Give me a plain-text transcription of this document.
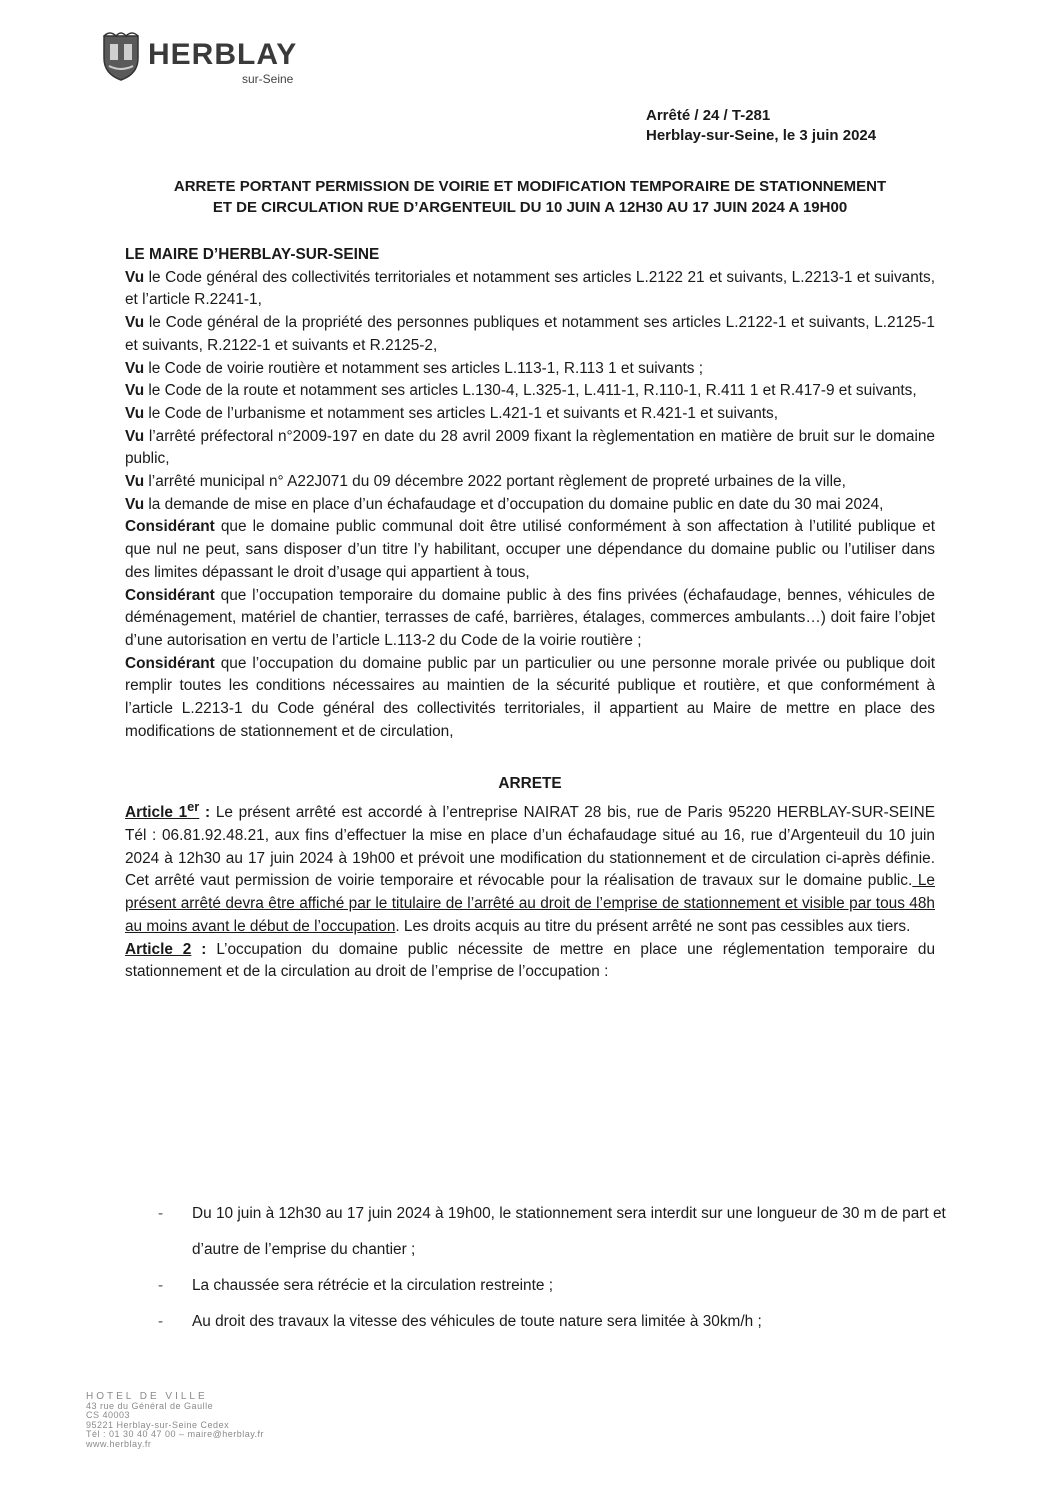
HERBLAY
sur-Seine
Arrêté / 24 / T-281
Herblay-sur-Seine, le 3 juin 2024
ARRETE PORTANT PERMISSION DE VOIRIE ET MODIFICATION TEMPORAIRE DE STATIONNEMENT
ET DE CIRCULATION RUE D’ARGENTEUIL DU 10 JUIN A 12H30 AU 17 JUIN 2024 A 19H00

LE MAIRE D’HERBLAY-SUR-SEINE

Vu le Code général des collectivités territoriales et notamment ses articles L.2122 21 et suivants, L.2213-1 et suivants, et l’article R.2241-1,

Vu le Code général de la propriété des personnes publiques et notamment ses articles L.2122-1 et suivants, L.2125-1 et suivants, R.2122-1 et suivants et R.2125-2,

Vu le Code de voirie routière et notamment ses articles L.113-1, R.113 1 et suivants ;

Vu le Code de la route et notamment ses articles L.130-4, L.325-1, L.411-1, R.110-1, R.411 1 et R.417-9 et suivants,

Vu le Code de l’urbanisme et notamment ses articles L.421-1 et suivants et R.421-1 et suivants,

Vu l’arrêté préfectoral n°2009-197 en date du 28 avril 2009 fixant la règlementation en matière de bruit sur le domaine public,

Vu l’arrêté municipal n° A22J071 du 09 décembre 2022 portant règlement de propreté urbaines de la ville,

Vu la demande de mise en place d’un échafaudage et d’occupation du domaine public en date du 30 mai 2024,

Considérant que le domaine public communal doit être utilisé conformément à son affectation à l’utilité publique et que nul ne peut, sans disposer d’un titre l’y habilitant, occuper une dépendance du domaine public ou l’utiliser dans des limites dépassant le droit d’usage qui appartient à tous,

Considérant que l’occupation temporaire du domaine public à des fins privées (échafaudage, bennes, véhicules de déménagement, matériel de chantier, terrasses de café, barrières, étalages, commerces ambulants…) doit faire l’objet d’une autorisation en vertu de l’article L.113-2 du Code de la voirie routière ;

Considérant que l’occupation du domaine public par un particulier ou une personne morale privée ou publique doit remplir toutes les conditions nécessaires au maintien de la sécurité publique et routière, et que conformément à l’article L.2213-1 du Code général des collectivités territoriales, il appartient au Maire de mettre en place des modifications de stationnement et de circulation,

ARRETE

Article 1er : Le présent arrêté est accordé à l’entreprise NAIRAT 28 bis, rue de Paris 95220 HERBLAY-SUR-SEINE Tél : 06.81.92.48.21, aux fins d’effectuer la mise en place d’un échafaudage situé au 16, rue d’Argenteuil du 10 juin 2024 à 12h30 au 17 juin 2024 à 19h00 et prévoit une modification du stationnement et de circulation ci-après définie. Cet arrêté vaut permission de voirie temporaire et révocable pour la réalisation de travaux sur le domaine public. Le présent arrêté devra être affiché par le titulaire de l’arrêté au droit de l’emprise de stationnement et visible par tous 48h au moins avant le début de l’occupation. Les droits acquis au titre du présent arrêté ne sont pas cessibles aux tiers.

Article 2 : L’occupation du domaine public nécessite de mettre en place une réglementation temporaire du stationnement et de la circulation au droit de l’emprise de l’occupation :

- Du 10 juin à 12h30 au 17 juin 2024 à 19h00, le stationnement sera interdit sur une longueur de 30 m de part et d’autre de l’emprise du chantier ;
- La chaussée sera rétrécie et la circulation restreinte ;
- Au droit des travaux la vitesse des véhicules de toute nature sera limitée à 30km/h ;
HOTEL DE VILLE
43 rue du Général de Gaulle
CS 40003
95221 Herblay-sur-Seine Cedex
Tél : 01 30 40 47 00 – maire@herblay.fr
www.herblay.fr
